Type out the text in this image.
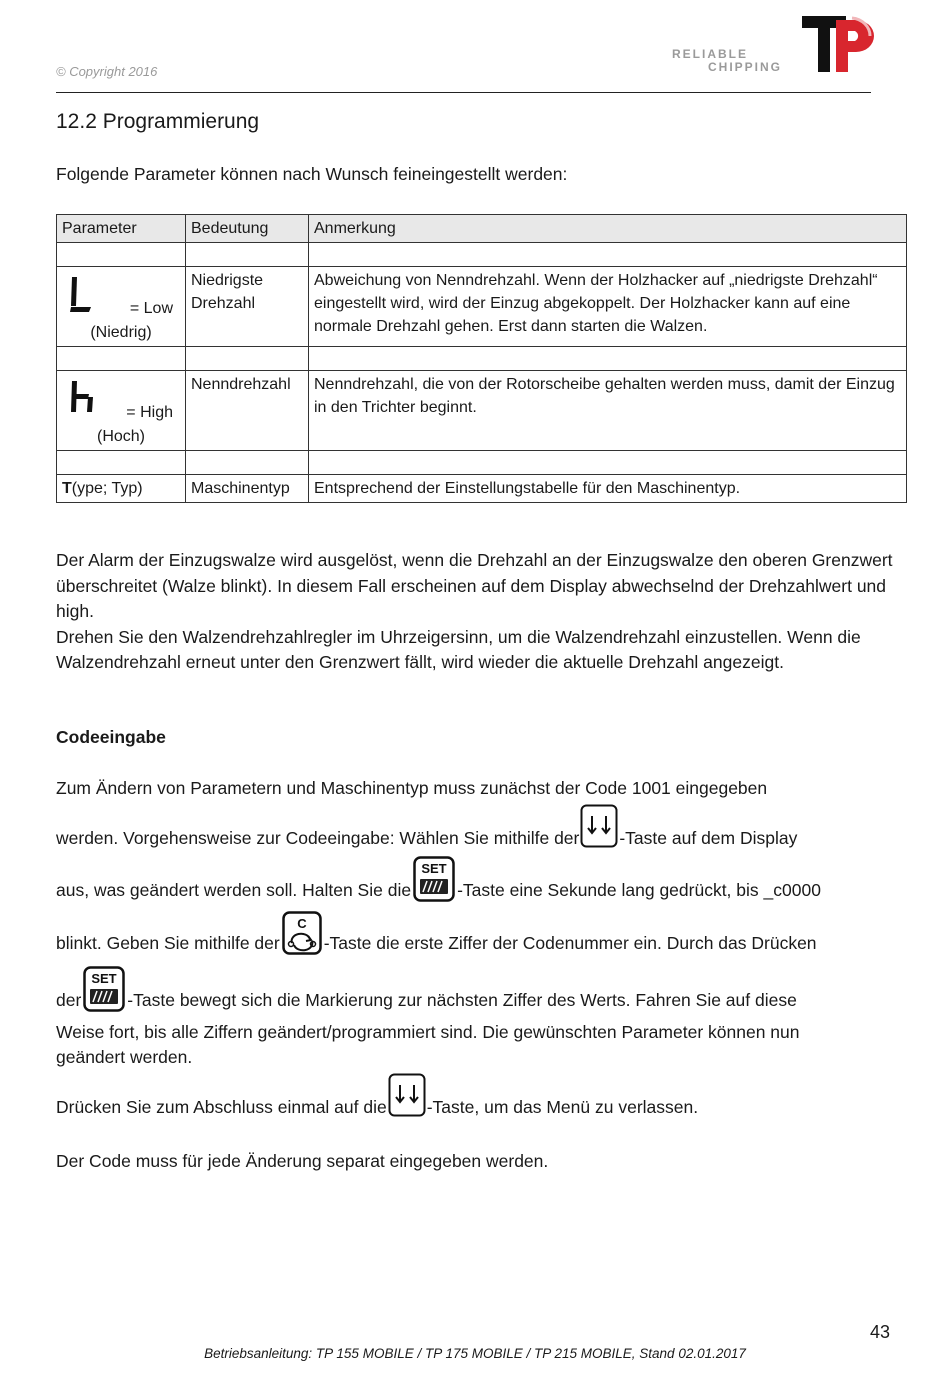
© Copyright 2016
RELIABLE
CHIPPING
12.2 Programmierung
Folgende Parameter können nach Wunsch feineingestellt werden:
Parameter	Bedeutung	Anmerkung

= Low
(Niedrig)	Niedrigste Drehzahl	Abweichung von Nenndrehzahl. Wenn der Holzhacker auf „niedrigste Drehzahl“ eingestellt wird, wird der Einzug abgekoppelt. Der Holzhacker kann auf eine normale Drehzahl gehen. Erst dann starten die Walzen.

= High
(Hoch)	Nenndrehzahl	Nenndrehzahl, die von der Rotorscheibe gehalten werden muss, damit der Einzug in den Trichter beginnt.

T(ype; Typ)	Maschinentyp	Entsprechend der Einstellungstabelle für den Maschinentyp.
Der Alarm der Einzugswalze wird ausgelöst, wenn die Drehzahl an der Einzugswalze den oberen Grenzwert überschreitet (Walze blinkt). In diesem Fall erscheinen auf dem Display abwechselnd der Drehzahlwert und high.
Drehen Sie den Walzendrehzahlregler im Uhrzeigersinn, um die Walzendrehzahl einzustellen. Wenn die Walzendrehzahl erneut unter den Grenzwert fällt, wird wieder die aktuelle Drehzahl angezeigt.
Codeeingabe
Zum Ändern von Parametern und Maschinentyp muss zunächst der Code 1001 eingegeben
werden. Vorgehensweise zur Codeeingabe: Wählen Sie mithilfe der -Taste auf dem Display
aus, was geändert werden soll. Halten Sie die
SET
-Taste eine Sekunde lang gedrückt, bis _c0000
blinkt. Geben Sie mithilfe der
C
-Taste die erste Ziffer der Codenummer ein. Durch das Drücken
der
SET
-Taste bewegt sich die Markierung zur nächsten Ziffer des Werts. Fahren Sie auf diese
Weise fort, bis alle Ziffern geändert/programmiert sind. Die gewünschten Parameter können nun
geändert werden.
Drücken Sie zum Abschluss einmal auf die -Taste, um das Menü zu verlassen.
Der Code muss für jede Änderung separat eingegeben werden.
43
Betriebsanleitung: TP 155 MOBILE / TP 175 MOBILE / TP 215 MOBILE, Stand 02.01.2017
